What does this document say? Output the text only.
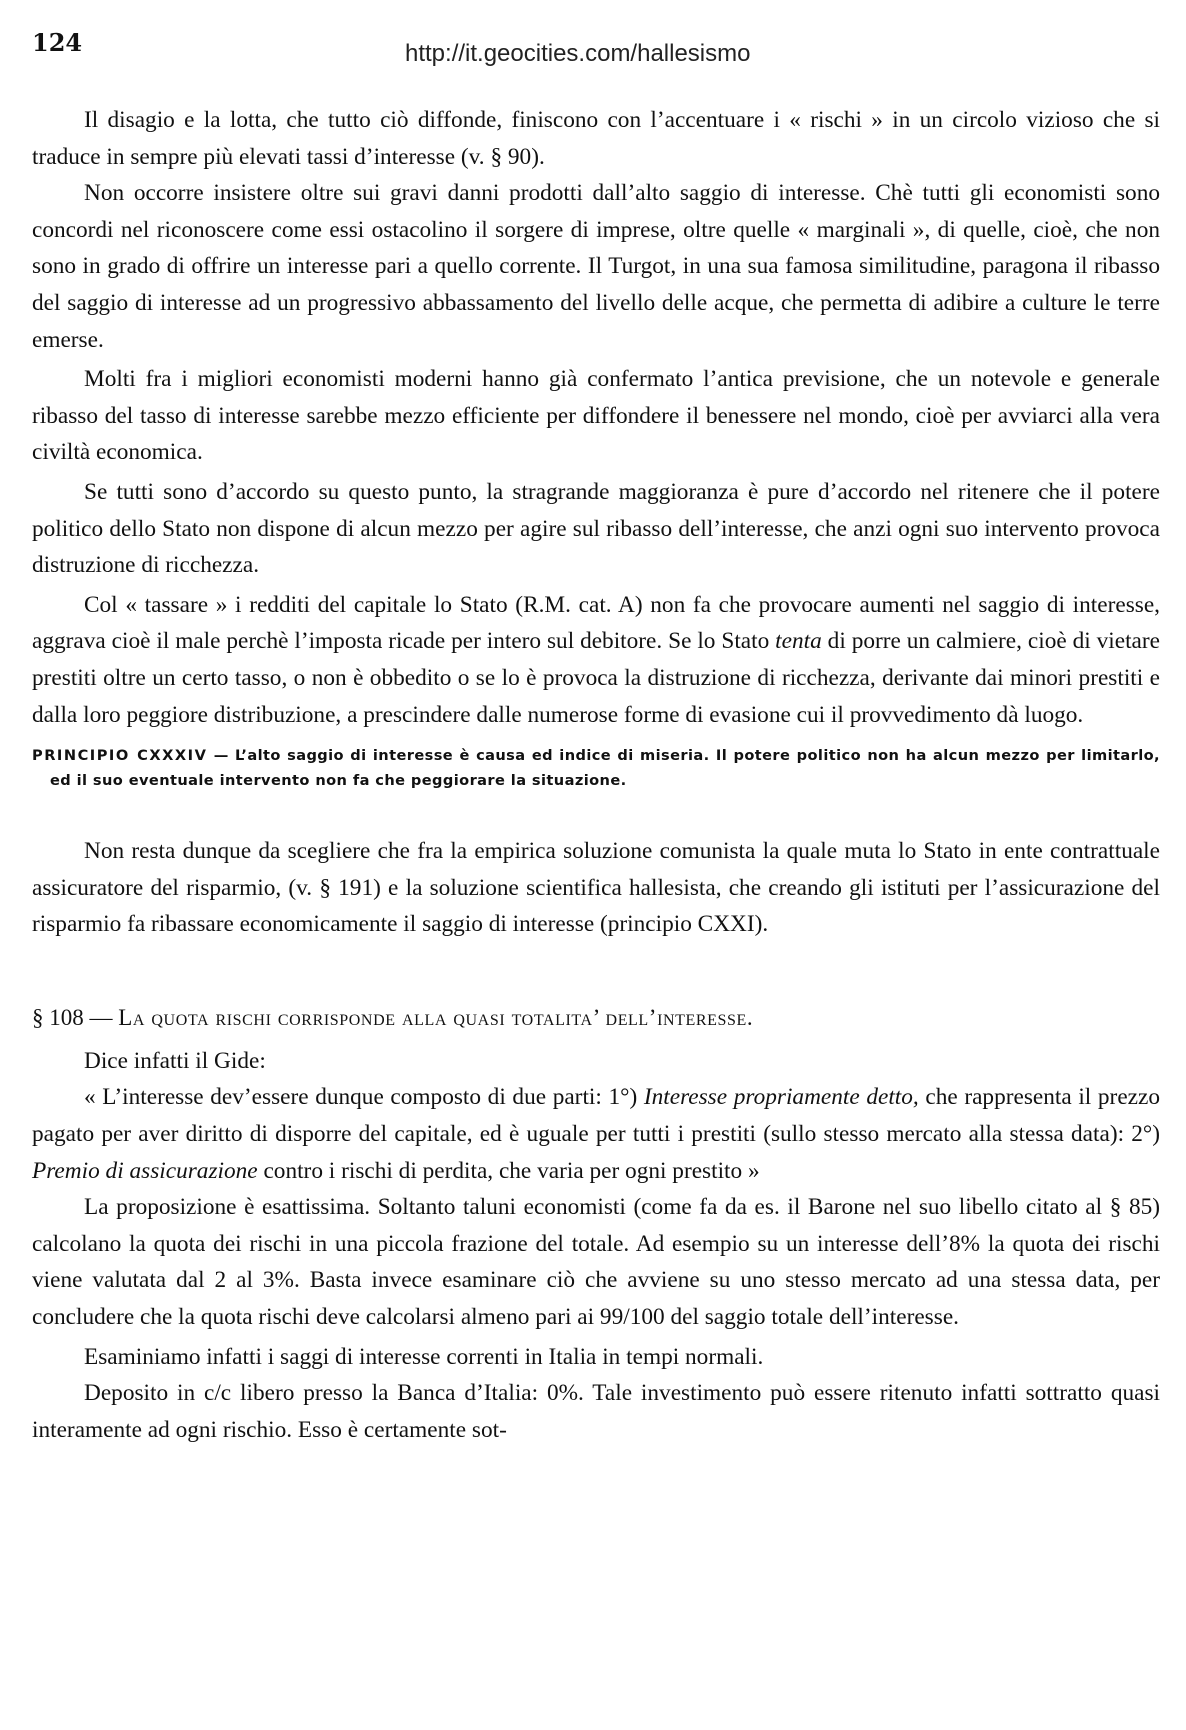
124	http://it.geocities.com/hallesismo

Il disagio e la lotta, che tutto ciò diffonde, finiscono con l’accentuare i « rischi » in un circolo vizioso che si traduce in sempre più elevati tassi d’interesse (v. § 90).

Non occorre insistere oltre sui gravi danni prodotti dall’alto saggio di interesse. Chè tutti gli economisti sono concordi nel riconoscere come essi ostacolino il sorgere di imprese, oltre quelle « marginali », di quelle, cioè, che non sono in grado di offrire un interesse pari a quello corrente. Il Turgot, in una sua famosa similitudine, paragona il ribasso del saggio di interesse ad un progressivo abbassamento del livello delle acque, che permetta di adibire a culture le terre emerse.

Molti fra i migliori economisti moderni hanno già confermato l’antica previsione, che un notevole e generale ribasso del tasso di interesse sarebbe mezzo efficiente per diffondere il benessere nel mondo, cioè per avviarci alla vera civiltà economica.

Se tutti sono d’accordo su questo punto, la stragrande maggioranza è pure d’accordo nel ritenere che il potere politico dello Stato non dispone di alcun mezzo per agire sul ribasso dell’interesse, che anzi ogni suo intervento provoca distruzione di ricchezza.

Col « tassare » i redditi del capitale lo Stato (R.M. cat. A) non fa che provocare aumenti nel saggio di interesse, aggrava cioè il male perchè l’imposta ricade per intero sul debitore. Se lo Stato tenta di porre un calmiere, cioè di vietare prestiti oltre un certo tasso, o non è obbedito o se lo è provoca la distruzione di ricchezza, derivante dai minori prestiti e dalla loro peggiore distribuzione, a prescindere dalle numerose forme di evasione cui il provvedimento dà luogo.

PRINCIPIO CXXXIV — L’alto saggio di interesse è causa ed indice di miseria. Il potere politico non ha alcun mezzo per limitarlo, ed il suo eventuale intervento non fa che peggiorare la situazione.

Non resta dunque da scegliere che fra la empirica soluzione comunista la quale muta lo Stato in ente contrattuale assicuratore del risparmio, (v. § 191) e la soluzione scientifica hallesista, che creando gli istituti per l’assicurazione del risparmio fa ribassare economicamente il saggio di interesse (principio CXXI).

§ 108 — La quota rischi corrisponde alla quasi totalita’ dell’interesse.

Dice infatti il Gide:

« L’interesse dev’essere dunque composto di due parti: 1°) Interesse propriamente detto, che rappresenta il prezzo pagato per aver diritto di disporre del capitale, ed è uguale per tutti i prestiti (sullo stesso mercato alla stessa data): 2°) Premio di assicurazione contro i rischi di perdita, che varia per ogni prestito »

La proposizione è esattissima. Soltanto taluni economisti (come fa da es. il Barone nel suo libello citato al § 85) calcolano la quota dei rischi in una piccola frazione del totale. Ad esempio su un interesse dell’8% la quota dei rischi viene valutata dal 2 al 3%. Basta invece esaminare ciò che avviene su uno stesso mercato ad una stessa data, per concludere che la quota rischi deve calcolarsi almeno pari ai 99/100 del saggio totale dell’interesse.

Esaminiamo infatti i saggi di interesse correnti in Italia in tempi normali.

Deposito in c/c libero presso la Banca d’Italia: 0%. Tale investimento può essere ritenuto infatti sottratto quasi interamente ad ogni rischio. Esso è certamente sot-
